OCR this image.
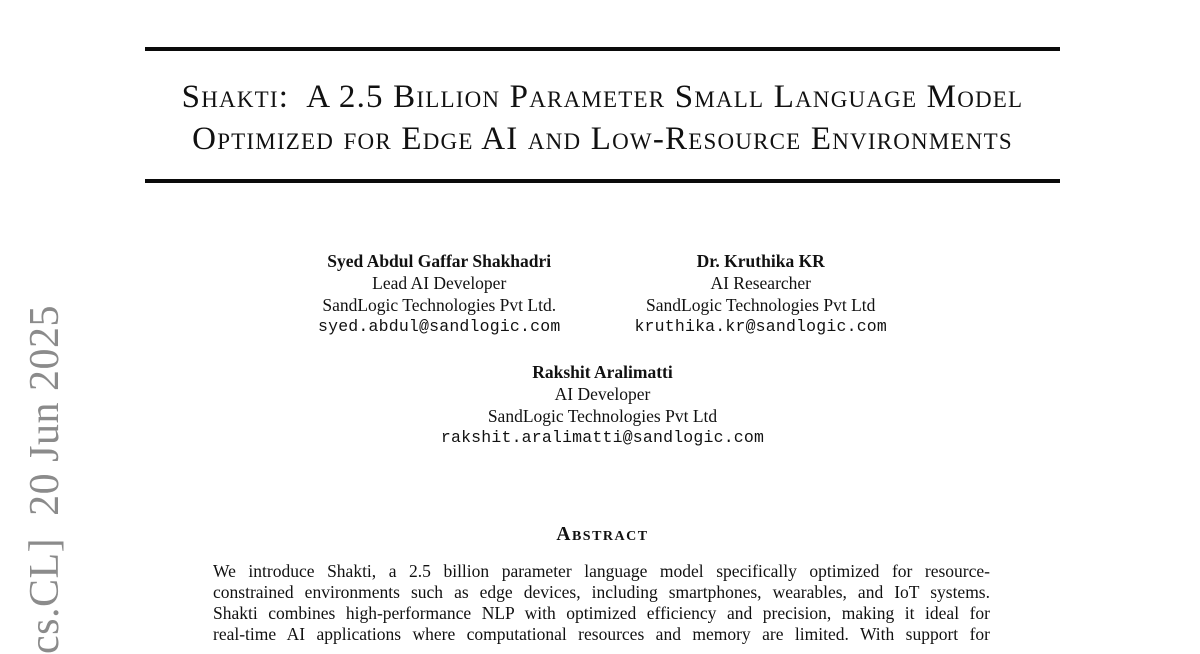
cs.CL]  20 Jun 2025
Shakti:  A 2.5 Billion Parameter Small Language Model
Optimized for Edge AI and Low-Resource Environments
Syed Abdul Gaffar Shakhadri
Lead AI Developer
SandLogic Technologies Pvt Ltd.
syed.abdul@sandlogic.com
Dr. Kruthika KR
AI Researcher
SandLogic Technologies Pvt Ltd
kruthika.kr@sandlogic.com
Rakshit Aralimatti
AI Developer
SandLogic Technologies Pvt Ltd
rakshit.aralimatti@sandlogic.com
Abstract
We introduce Shakti, a 2.5 billion parameter language model specifically optimized for resource-
constrained environments such as edge devices, including smartphones, wearables, and IoT systems.
Shakti combines high-performance NLP with optimized efficiency and precision, making it ideal for
real-time AI applications where computational resources and memory are limited. With support for
